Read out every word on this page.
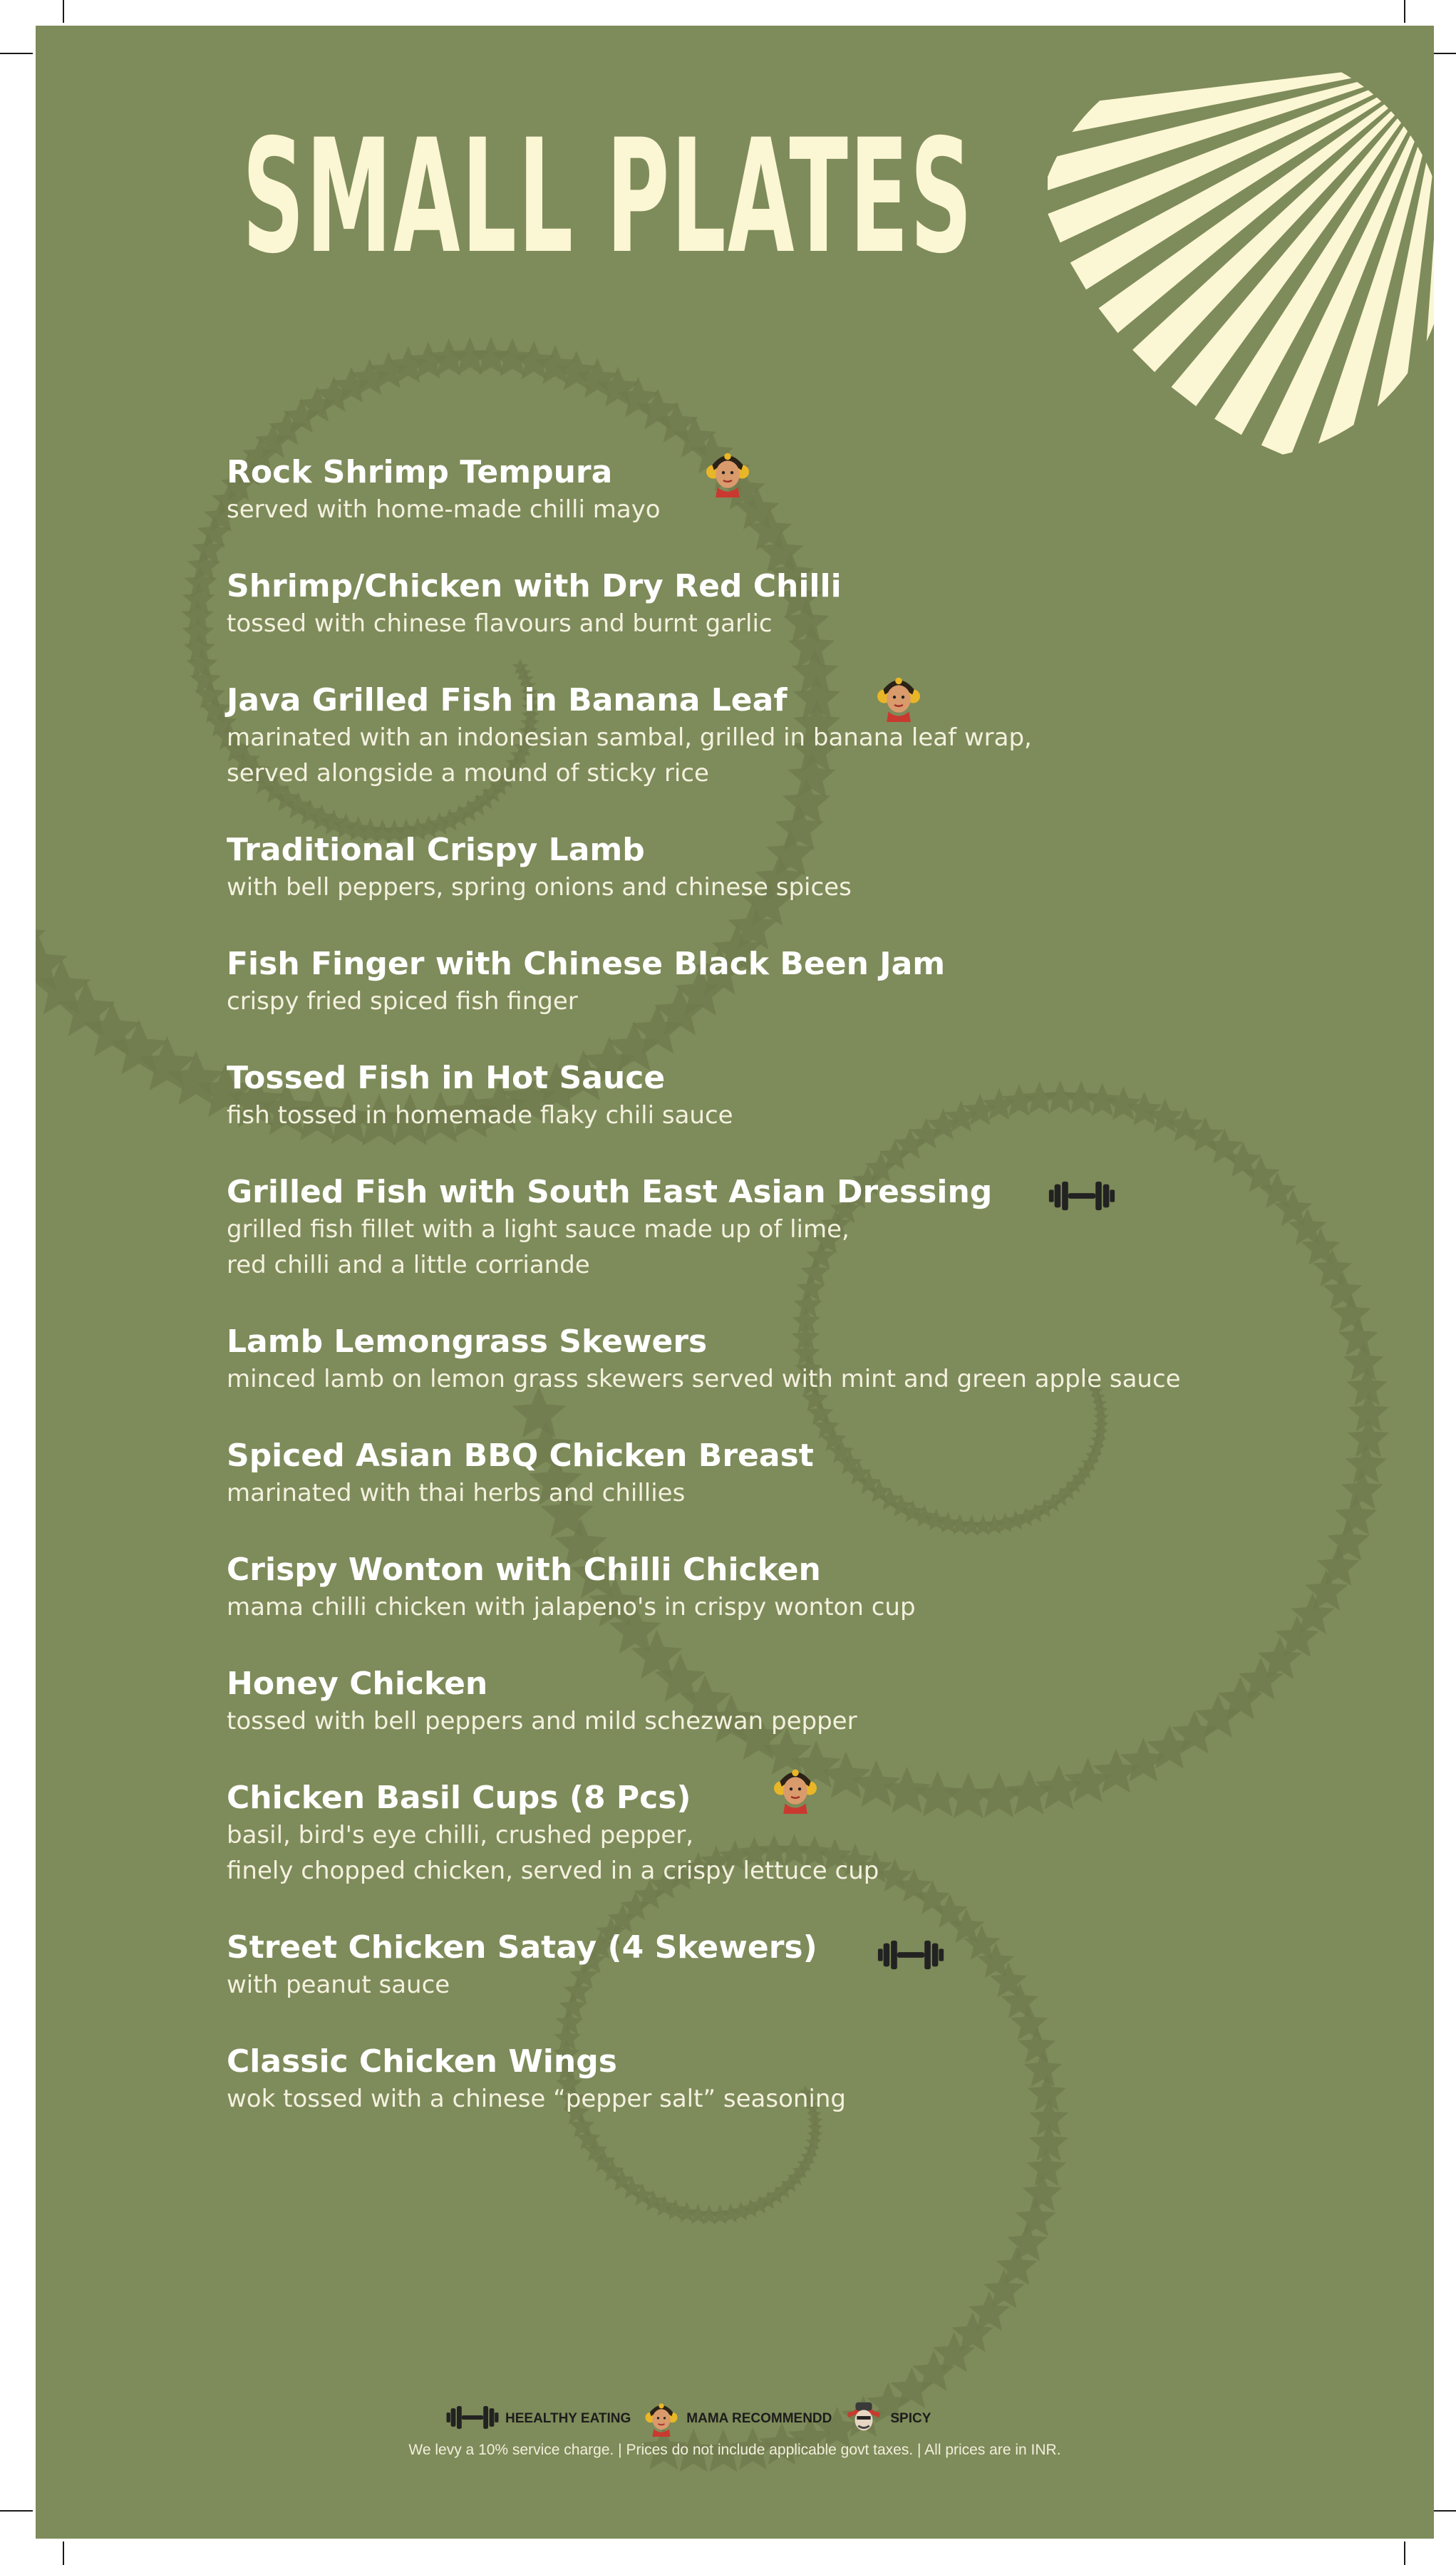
SMALL PLATES

Rock Shrimp Tempura

served with home-made chilli mayo

Shrimp/Chicken with Dry Red Chilli

tossed with chinese flavours and burnt garlic

Java Grilled Fish in Banana Leaf

marinated with an indonesian sambal, grilled in banana leaf wrap,

served alongside a mound of sticky rice

Traditional Crispy Lamb

with bell peppers, spring onions and chinese spices

Fish Finger with Chinese Black Been Jam

crispy fried spiced fish finger

Tossed Fish in Hot Sauce

fish tossed in homemade flaky chili sauce

Grilled Fish with South East Asian Dressing

grilled fish fillet with a light sauce made up of lime,

red chilli and a little corriande

Lamb Lemongrass Skewers

minced lamb on lemon grass skewers served with mint and green apple sauce

Spiced Asian BBQ Chicken Breast

marinated with thai herbs and chillies

Crispy Wonton with Chilli Chicken

mama chilli chicken with jalapeno's in crispy wonton cup

Honey Chicken

tossed with bell peppers and mild schezwan pepper

Chicken Basil Cups (8 Pcs)

basil, bird's eye chilli, crushed pepper,

finely chopped chicken, served in a crispy lettuce cup

Street Chicken Satay (4 Skewers)

with peanut sauce

Classic Chicken Wings

wok tossed with a chinese “pepper salt” seasoning

HEEALTHY EATING	MAMA RECOMMENDD	SPICY

We levy a 10% service charge. | Prices do not include applicable govt taxes. | All prices are in INR.
